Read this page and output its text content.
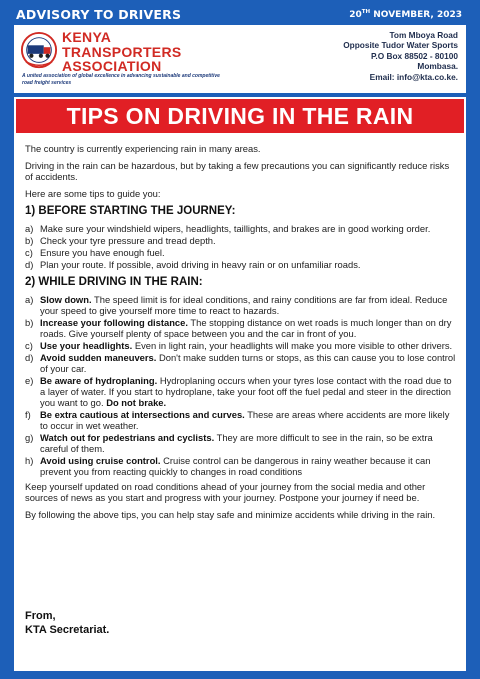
ADVISORY TO DRIVERS	20TH NOVEMBER, 2023
KENYA
TRANSPORTERS
ASSOCIATION
A united association of global excellence in advancing sustainable and competitive road freight services
Tom Mboya Road
Opposite Tudor Water Sports
P.O Box 88502 - 80100
Mombasa.
Email: info@kta.co.ke.
TIPS ON DRIVING IN THE RAIN

The country is currently experiencing rain in many areas.

Driving in the rain can be hazardous, but by taking a few precautions you can significantly reduce risks of accidents.

Here are some tips to guide you:

1) BEFORE STARTING THE JOURNEY:
a) Make sure your windshield wipers, headlights, taillights, and brakes are in good working order.
b) Check your tyre pressure and tread depth.
c) Ensure you have enough fuel.
d) Plan your route. If possible, avoid driving in heavy rain or on unfamiliar roads.
2) WHILE DRIVING IN THE RAIN:
a) Slow down. The speed limit is for ideal conditions, and rainy conditions are far from ideal. Reduce your speed to give yourself more time to react to hazards.
b) Increase your following distance. The stopping distance on wet roads is much longer than on dry roads. Give yourself plenty of space between you and the car in front of you.
c) Use your headlights. Even in light rain, your headlights will make you more visible to other drivers.
d) Avoid sudden maneuvers. Don't make sudden turns or stops, as this can cause you to lose control of your car.
e) Be aware of hydroplaning. Hydroplaning occurs when your tyres lose contact with the road due to a layer of water. If you start to hydroplane, take your foot off the fuel pedal and steer in the direction you want to go. Do not brake.
f) Be extra cautious at intersections and curves. These are areas where accidents are more likely to occur in wet weather.
g) Watch out for pedestrians and cyclists. They are more difficult to see in the rain, so be extra careful of them.
h) Avoid using cruise control. Cruise control can be dangerous in rainy weather because it can prevent you from reacting quickly to changes in road conditions

Keep yourself updated on road conditions ahead of your journey from the social media and other sources of news as you start and progress with your journey. Postpone your journey if need be.

By following the above tips, you can help stay safe and minimize accidents while driving in the rain.

From,
KTA Secretariat.
